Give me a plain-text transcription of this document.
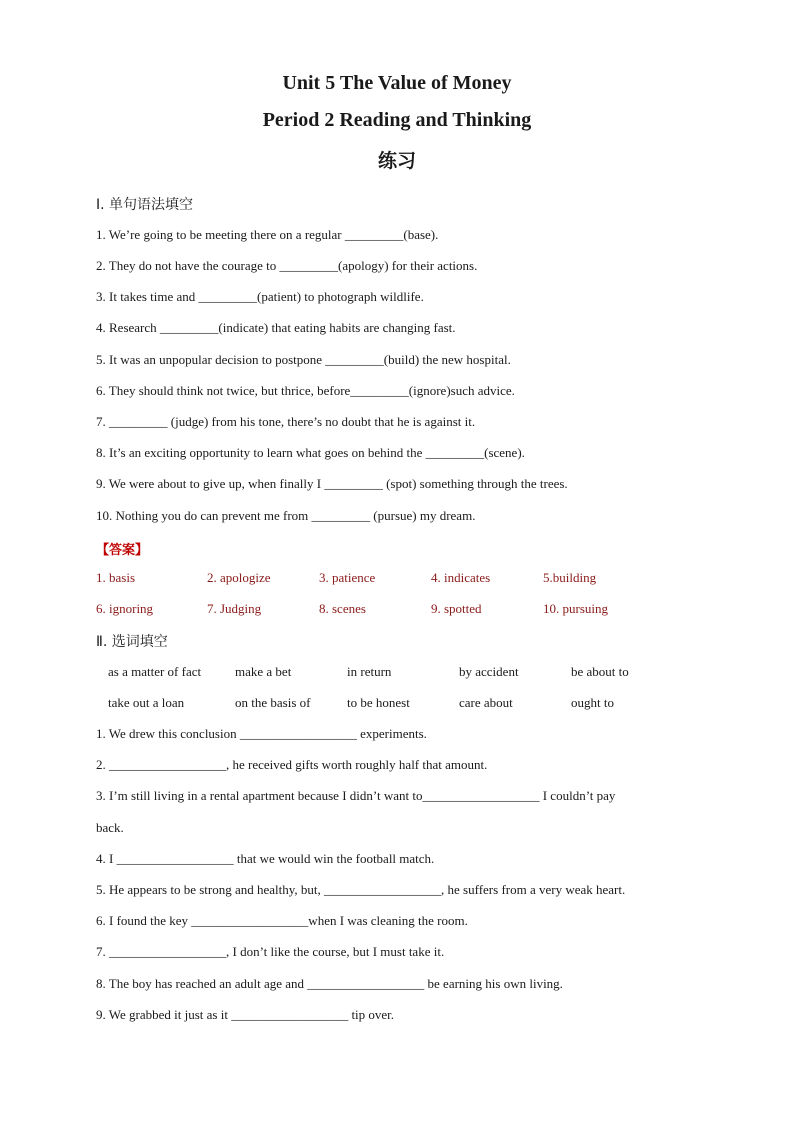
Unit 5 The Value of Money
Period 2 Reading and Thinking
练习
Ⅰ. 单句语法填空
1. We’re going to be meeting there on a regular _________(base).
2. They do not have the courage to _________(apology) for their actions.
3. It takes time and _________(patient) to photograph wildlife.
4. Research _________(indicate) that eating habits are changing fast.
5. It was an unpopular decision to postpone _________(build) the new hospital.
6. They should think not twice, but thrice, before_________(ignore)such advice.
7. _________ (judge) from his tone, there’s no doubt that he is against it.
8. It’s an exciting opportunity to learn what goes on behind the _________(scene).
9. We were about to give up, when finally I _________ (spot) something through the trees.
10. Nothing you do can prevent me from _________ (pursue) my dream.
【答案】
1. basis	2. apologize	3. patience	4. indicates	5.building
6. ignoring	7. Judging	8. scenes	9. spotted	10. pursuing
Ⅱ. 选词填空
as a matter of fact	make a bet	in return	by accident	be about to
take out a loan	on the basis of	to be honest	care about	ought to
1. We drew this conclusion __________________ experiments.
2. __________________, he received gifts worth roughly half that amount.
3. I’m still living in a rental apartment because I didn’t want to__________________ I couldn’t pay
back.
4. I __________________ that we would win the football match.
5. He appears to be strong and healthy, but, __________________, he suffers from a very weak heart.
6. I found the key __________________when I was cleaning the room.
7. __________________, I don’t like the course, but I must take it.
8. The boy has reached an adult age and __________________ be earning his own living.
9. We grabbed it just as it __________________ tip over.
